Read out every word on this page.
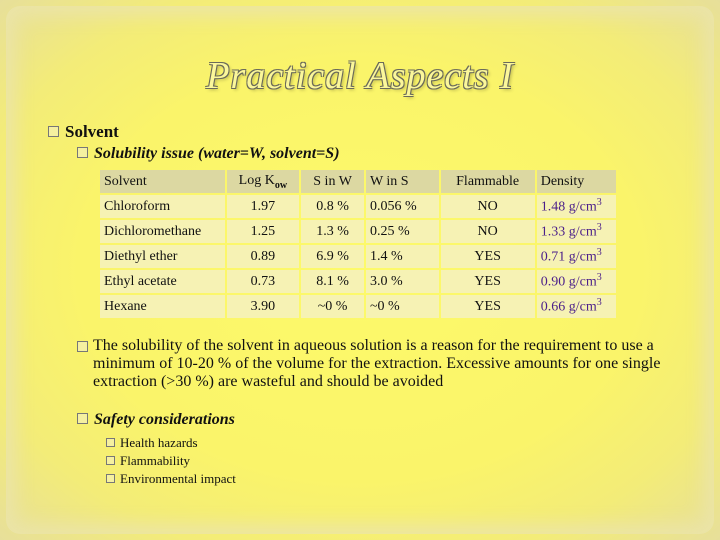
Practical Aspects I
Solvent
Solubility issue (water=W, solvent=S)
Solvent	Log $K_{ow}$	S in W	W in S	Flammable	Density
Chloroform	1.97	0.8 %	0.056 %	NO	1.48 $g/cm^3$
Dichloromethane	1.25	1.3 %	0.25 %	NO	1.33 $g/cm^3$
Diethyl ether	0.89	6.9 %	1.4 %	YES	0.71 $g/cm^3$
Ethyl acetate	0.73	8.1 %	3.0 %	YES	0.90 $g/cm^3$
Hexane	3.90	~0 %	~0 %	YES	0.66 $g/cm^3$
The solubility of the solvent in aqueous solution is a reason for the requirement to use a minimum of 10-20 % of the volume for the extraction. Excessive amounts for one single extraction (>30 %) are wasteful and should be avoided
Safety considerations
Health hazards
Flammability
Environmental impact
